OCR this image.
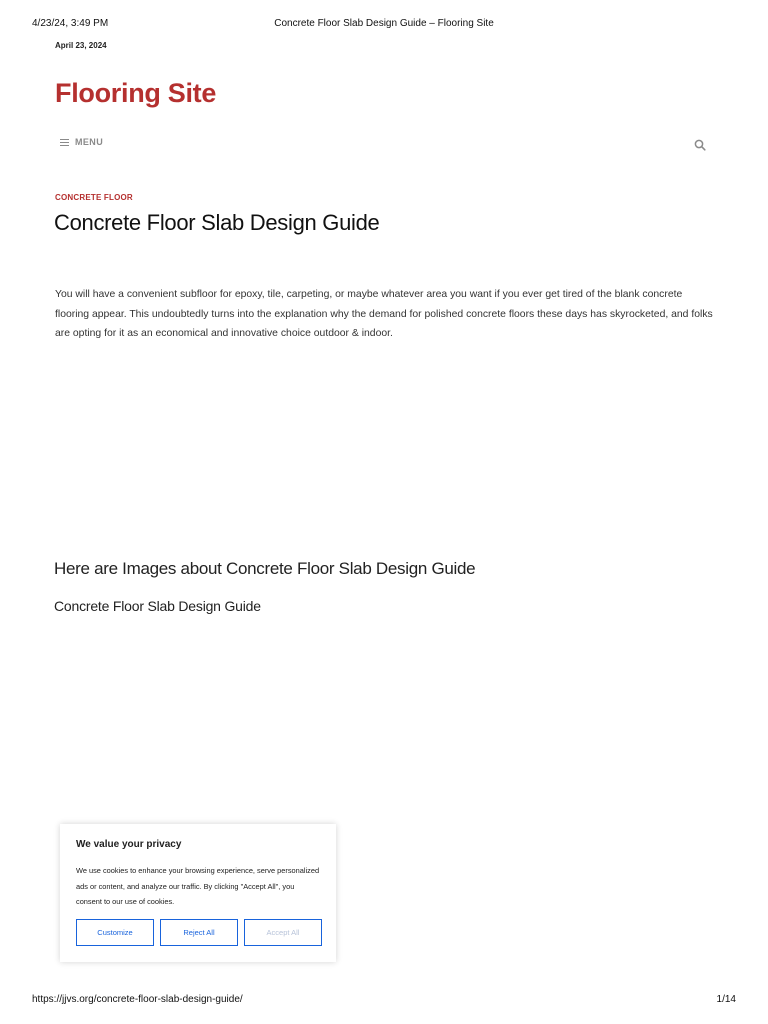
4/23/24, 3:49 PM	Concrete Floor Slab Design Guide – Flooring Site
April 23, 2024
Flooring Site
MENU
CONCRETE FLOOR
Concrete Floor Slab Design Guide

You will have a convenient subfloor for epoxy, tile, carpeting, or maybe whatever area you want if you ever get tired of the blank concrete flooring appear. This undoubtedly turns into the explanation why the demand for polished concrete floors these days has skyrocketed, and folks are opting for it as an economical and innovative choice outdoor & indoor.

Here are Images about Concrete Floor Slab Design Guide
Concrete Floor Slab Design Guide

We value your privacy

We use cookies to enhance your browsing experience, serve personalized ads or content, and analyze our traffic. By clicking "Accept All", you consent to our use of cookies.

Customize	Reject All	Accept All
https://jjvs.org/concrete-floor-slab-design-guide/	1/14
